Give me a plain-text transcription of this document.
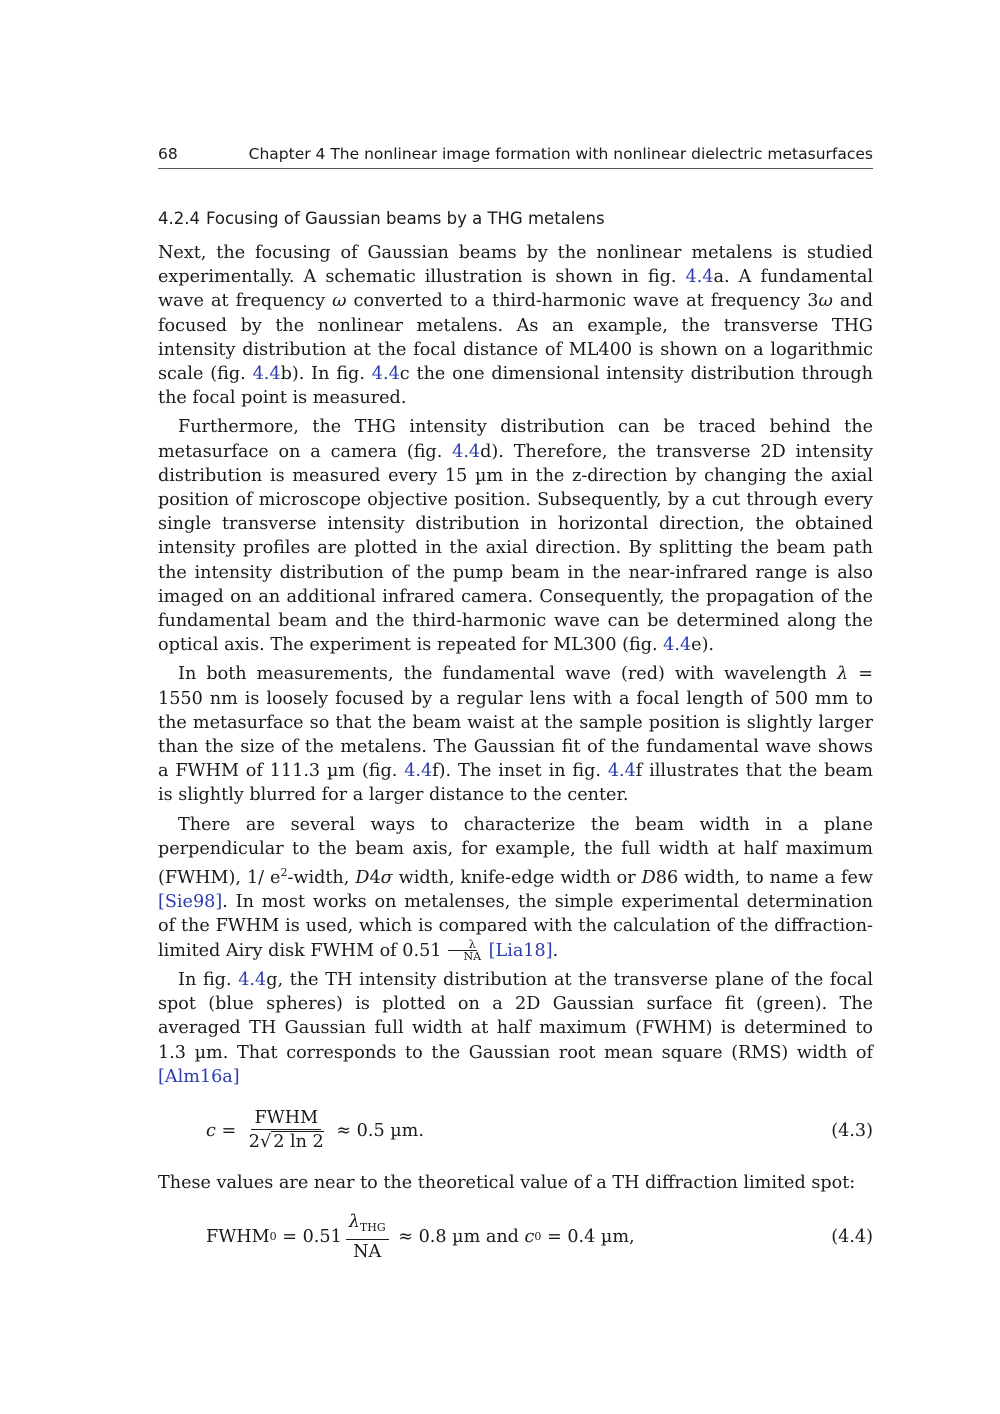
68	Chapter 4 The nonlinear image formation with nonlinear dielectric metasurfaces
4.2.4 Focusing of Gaussian beams by a THG metalens

Next, the focusing of Gaussian beams by the nonlinear metalens is studied experimentally. A schematic illustration is shown in fig. 4.4a. A fundamental wave at frequency ω converted to a third-harmonic wave at frequency 3ω and focused by the nonlinear metalens. As an example, the transverse THG intensity distribution at the focal distance of ML400 is shown on a logarithmic scale (fig. 4.4b). In fig. 4.4c the one dimensional intensity distribution through the focal point is measured.

Furthermore, the THG intensity distribution can be traced behind the metasurface on a camera (fig. 4.4d). Therefore, the transverse 2D intensity distribution is measured every 15 µm in the z-direction by changing the axial position of microscope objective position. Subsequently, by a cut through every single transverse intensity distribution in horizontal direction, the obtained intensity profiles are plotted in the axial direction. By splitting the beam path the intensity distribution of the pump beam in the near-infrared range is also imaged on an additional infrared camera. Consequently, the propagation of the fundamental beam and the third-harmonic wave can be determined along the optical axis. The experiment is repeated for ML300 (fig. 4.4e).

In both measurements, the fundamental wave (red) with wavelength λ = 1550 nm is loosely focused by a regular lens with a focal length of 500 mm to the metasurface so that the beam waist at the sample position is slightly larger than the size of the metalens. The Gaussian fit of the fundamental wave shows a FWHM of 111.3 µm (fig. 4.4f). The inset in fig. 4.4f illustrates that the beam is slightly blurred for a larger distance to the center.

There are several ways to characterize the beam width in a plane perpendicular to the beam axis, for example, the full width at half maximum (FWHM), 1/ $e^2$-width, D4σ width, knife-edge width or D86 width, to name a few [Sie98]. In most works on metalenses, the simple experimental determination of the FWHM is used, which is compared with the calculation of the diffraction-limited Airy disk FWHM of $0.51 \frac{\lambda}{NA} [Lia18]$.

In fig. 4.4g, the TH intensity distribution at the transverse plane of the focal spot (blue spheres) is plotted on a 2D Gaussian surface fit (green). The averaged TH Gaussian full width at half maximum (FWHM) is determined to 1.3 µm. That corresponds to the Gaussian root mean square (RMS) width of [Alm16a]

$c = \frac{\text{FWHM}}{2√ 2 \ln 2} \approx 0.5$ µm.	(4.3)

These values are near to the theoretical value of a TH diffraction limited spot:

FWHM $0 = 0.51 \frac{\lambda_{THG}}{NA} \approx 0.8$ µm and c 0 = 0.4 µm,	(4.4)
